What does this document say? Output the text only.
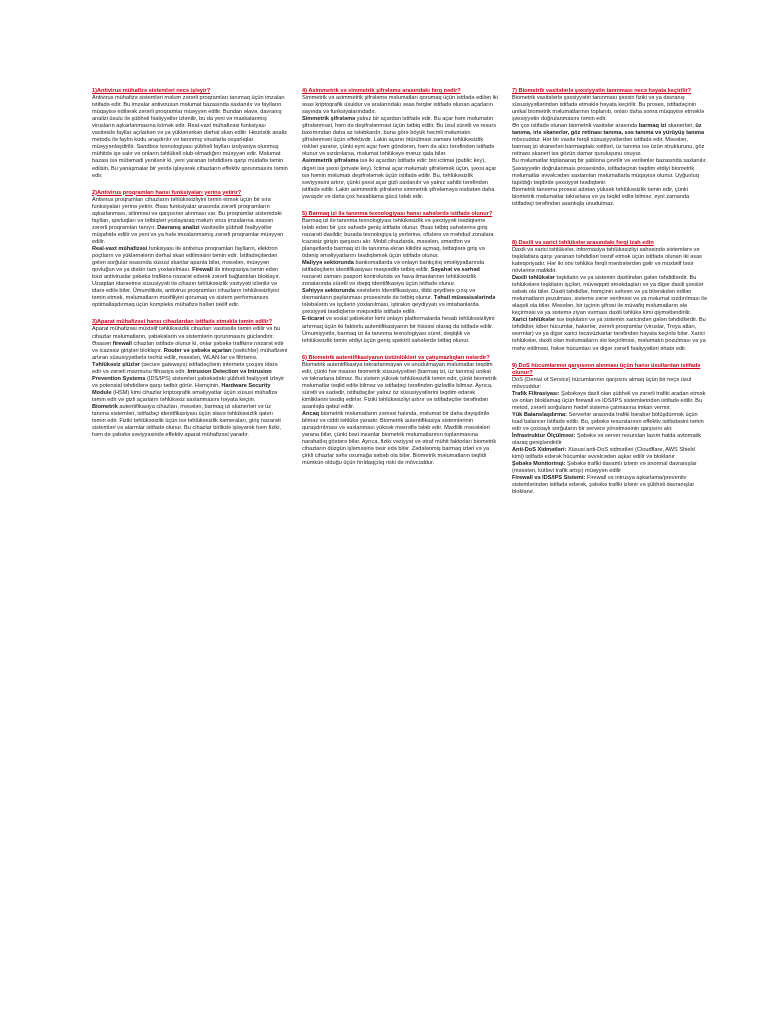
1)Antivirus mühafizə sistemləri necə işləyir?
Antivirus mühafizə sistemləri məlum zərərli proqramları tanımaq üçün imzaları istifadə edir. Bu imzalar antivirusun məlumat bazasında saxlanılır və faylların müqayisə edilərək zərərli proqramlar müəyyən edilir. Bundan əlavə, davranış analizi üsulu ilə şübhəli fəaliyyətlər izlənilir, bu da yeni və maskalanmış virusların aşkarlanmasına kömək edir. Real-vaxt mühafizəsi funksiyası vasitəsilə fayllar açılarkən və ya yüklənərkən dərhal skan edilir. Heuristik analiz metodu ilə faylın kodu araşdırılır və tanınmış viruslarla oxşarlıqlar müəyyənləşdirilir. Sandbox texnologiyası şübhəli faylları izolyasiya olunmuş mühitdə işə salır və onların təhlükəli olub-olmadığını müəyyən edir. Məlumat bazası isə mütəmadi yenilənir ki, yeni yaranan təhdidlərə qarşı müdafiə təmin edilsin. Bu yanaşmalar bir yerdə işləyərək cihazların effektiv qorunmasını təmin edir.
2)Antivirus proqramları hansı funksiyaları yerinə yetirir?
Antivirus proqramları cihazların təhlükəsizliyini təmin etmək üçün bir sıra funksiyaları yerinə yetirir. Əsas funksiyalar arasında zərərli proqramların aşkarlanması, silinməsi və qarşısının alınması var. Bu proqramlar sistemdəki faylları, qovluqları və tətbiqləri yoxlayaraq məlum virus imzalarına əsasən zərərli proqramları tanıyır. Davranış analizi vasitəsilə şübhəli fəaliyyətlər müşahidə edilir və yeni və ya hələ imzalanmamış zərərli proqramlar müəyyən edilir.
Real-vaxt mühafizəsi funksiyası ilə antivirus proqramları faylların, elektron poçtların və yükləmələrin dərhal skan edilməsini təmin edir. İstifadəçilərdən gələn sorğular əsasında xüsusi skanlar aparıla bilər, məsələn, müəyyən qovluğun və ya diskin tam yoxlanılması. Firewall ilə inteqrasiya təmin edən bəzi antiviruslar şəbəkə trafikinə nəzarət edərək zərərli bağlantıları bloklayır. Uzaqdan idarəetmə xüsusiyyəti ilə cihazın təhlükəsizlik vəziyyəti izlənilə və idarə edilə bilər. Ümumilikdə, antivirus proqramları cihazların təhlükəsizliyini təmin etmək, məlumatların məxfiliyini qorumaq və sistem performansını optimallaşdırmaq üçün kompleks mühafizə həlləri təklif edir.
3)Aparat mühafizəsi hansı cihazlardan istifadə etməklə təmin edilir?
Aparat mühafizəsi müxtəlif təhlükəsizlik cihazları vasitəsilə təmin edilir və bu cihazlar məlumatların, şəbəkələrin və sistemlərin qorunmasını gücləndirir. Əsasən firewall cihazları istifadə olunur ki, onlar şəbəkə trafikinə nəzarət edir və icazəsiz girişləri bloklayır. Router və şəbəkə açarları (switchlər) mühafizəni artıran xüsusiyyətlərlə təchiz edilir, məsələn, WLAN-lar və filtrləmə.
Təhlükəsiz şlüzlər (secure gateways) istifadəçilərin internetə çıxışını idarə edir və zərərli məzmunu filtrasiya edir. Intrusion Detection və Intrusion Prevention Systems (IDS/IPS) sistemləri şəbəkədəki şübhəli fəaliyyəti izləyir və potensial təhdidlərə qarşı tədbir görür. Həmçinin, Hardware Security Module (HSM) kimi cihazlar kriptoqrafik əməliyyatlar üçün xüsusi mühafizə təmin edir və gizli açarların təhlükəsiz saxlanmasını həyata keçirir.
Biometrik autentifikasiya cihazları, məsələn, barmaq izi skanerləri və üz tanıma sistemləri, istifadəçi identifikasiyası üçün əlavə təhlükəsizlik qatını təmin edir. Fiziki təhlükəsizlik üçün isə təhlükəsizlik kameraları, giriş nəzarəti sistemləri və alarmlar istifadə olunur. Bu cihazlar birlikdə işləyərək həm fiziki, həm də şəbəkə səviyyəsində effektiv aparat mühafizəsi yaradır.
4) Asimmetrik və simmetrik şifrələmə arasındakı fərq nədir?
Simmetrik və asimmetrik şifrələmə məlumatları qorumaq üçün istifadə edilən iki əsas kriptoqrafik üsuldur və aralarındakı əsas fərqlər istifadə olunan açarların sayında və funksiyalarındadır.
Simmetrik şifrələmə yalnız bir açardan istifadə edir. Bu açar həm məlumatın şifrələnməsi, həm də deşifrələnməsi üçün tətbiq edilir. Bu üsul sürətli və resurs baxımından daha az tələbkardır, buna görə böyük həcmli məlumatın şifrələnməsi üçün effektivdir. Lakin açarın ötürülməsi zamanı təhlükəsizlik riskləri yaranır, çünki eyni açar həm göndərən, həm də alıcı tərəfindən istifadə olunur və sızdırılarsa, məlumat təhlükəyə məruz qala bilər.
Asimmetrik şifrələmə isə iki açardan istifadə edir: biri ictimai (public key), digəri isə şəxsi (private key). İctimai açar məlumatı şifrələmək üçün, şəxsi açar isə həmin məlumatı deşifrələmək üçün istifadə edilir. Bu, təhlükəsizlik səviyyəsini artırır, çünki şəxsi açar gizli saxlanılır və yalnız sahibi tərəfindən istifadə edilir. Lakin asimmetrik şifrələmə simmetrik şifrələməyə nisbətən daha yavaşdır və daha çox hesablama gücü tələb edir.
5) Barmaq izi ilə tanınma texnologiyası hansı sahələrdə istifadə olunur?
Barmaq izi ilə tanınma texnologiyası təhlükəsizlik və şəxsiyyəti təsdiqləmə tələb edən bir çox sahədə geniş istifadə olunur. Əsas tətbiq sahələrinə giriş nəzarəti daxildir; burada texnologiya iş yerlərinə, ofislərə və məhdud zonalara icazəsiz girişin qarşısını alır. Mobil cihazlarda, məsələn, smartfon və planşetlərdə barmaq izi ilə tanınma ekran kilidini açmaq, tətbiqlərə giriş və ödəniş əməliyyatlarını təsdiqləmək üçün istifadə olunur.
Maliyyə sektorunda bankomatlarda və onlayn bankçılıq əməliyyatlarında istifadəçilərin identifikasiyası məqsədilə tətbiq edilir. Səyahət və sərhəd nəzarəti zamanı pasport kontrolunda və hava limanlarının təhlükəsizlik zonalarında sürətli və dəqiq identifikasiya üçün istifadə olunur.
Səhiyyə sektorunda xəstələrin identifikasiyası, tibbi qeydlərə çıxış və dərmanların paylanması prosesində də tətbiq olunur. Təhsil müəssisələrində tələbələrin və işçilərin yoxlanılması, iştirakın qeydiyyatı və imtahanlarda şəxsiyyəti təsdiqləmə məqsədilə istifadə edilir.
E-ticarət və sosial şəbəkələr kimi onlayn platformalarda hesab təhlükəsizliyini artırmaq üçün iki faktorlu autentifikasiyanın bir hissəsi olaraq da istifadə edilir. Ümumiyyətlə, barmaq izi ilə tanınma texnologiyası sürət, dəqiqlik və təhlükəsizlik təmin etdiyi üçün geniş spektrli sahələrdə tətbiq olunur.
6) Biometrik autentifikasiyanın üstünlükləri və çatışmazlıqları nələrdir?
Biometrik autentifikasiya təkrarlanmayan və unudulmayan məlumatlar təqdim edir, çünki hər insanın biometrik xüsusiyyətləri (barmaq izi, üz tanıma) unikal və təkrarlana bilməz. Bu sistem yüksək təhlükəsizlik təmin edir, çünki biometrik məlumatlar təqlid edilə bilməz və istifadəçi tərəfindən gizlədilə bilməz. Ayrıca, sürətli və sadədir, istifadəçilər yalnız öz xüsusiyyətlərini təqdim edərək kimliklərini təsdiq edirlər. Fiziki təhlükəsizliyi artırır və istifadəçilər tərəfindən asanlıqla qəbul edilir.
Ancaq biometrik məlumatların zəməsi halında, məlumat bir daha dəyişdirilə bilməz və ciddi təhlükə yaradır. Biometrik autentifikasiya sistemlərinin quraşdırılması və saxlanması yüksək məsrəflə tələb edir. Maxfilik məsələləri yarana bilər, çünki bəzi insanlar biometrik məlumatlarının toplanmasına narahatlıq göstərə bilər. Ayrıca, fiziki vəziyyət və ətraf mühit faktorları biometrik cihazların düzgün işləməsinə təsir edə bilər. Zədələnmiş barmaq izləri və ya çirkli cihazlar səhv oxumağa səbəb ola bilər. Biometrik məlumatların təqlidi mümkün olduğu üçün fırıldaqçılıq riski də mövcuddur.
7) Biometrik vasitələrlə şəxsiyyətin tanınması necə həyata keçirilir?
Biometrik vasitələrlə şəxsiyyətin tanınması şəxsin fiziki və ya davranış xüsusiyyətlərindən istifadə etməklə həyata keçirilir. Bu proses, istifadəçinin unikal biometrik məlumatlarının toplanıb, onları daha sonra müqayisə etməklə şəxsiyyətin doğrulanmasını təmin edir.
Ən çox istifadə olunan biometrik vasitələr arasında barmaq izi skanerləri, üz tanıma, iris skanerlər, göz retinası tanıma, səs tanıma və yürüyüş tanıma mövcuddur. Hər bir vasitə fərqli xüsusiyyətlərdən istifadə edir. Məsələn, barmaq izi skanerləri barmaqdakı xəttləri, üz tanıma isə üzün strukturunu, göz retinası skaneri isə gözün damar quruluşunu oxuyur.
Bu məlumatlar toplanaraq bir şablona çevrilir və verilənlər bazasında saxlanılır. Şəxsiyyətin doğrulanması prosesində, istifadəçinin təqdim etdiyi biometrik məlumatlar əvvəlcədən saxlanılan məlumatlarla müqayisə olunur. Uyğunluq tapıldığı təqdirdə şəxsiyyət təsdiqlənir.
Biometrik tanınma prosesi adətən yüksək təhlükəsizlik təmin edir, çünki biometrik məlumatlar təkrarlana və ya təqlid edilə bilməz, eyni zamanda istifadəçi tərəfindən asanlıqla unudulmaz.
8) Daxili və xarici təhlükələr arasındakı fərqi izah edin
Daxili və xarici təhlükələr, informasiya təhlükəsizliyi sahəsində sistemlərə və təşkilatlara qarşı yaranan təhdidləri təsnif etmək üçün istifadə olunan iki əsas kateqoriyadır. Hər iki növ təhlükə fərqli mənbələrdən gəlir və müxtəlif təsir növlərinə malikdir.
Daxili təhlükələr təşkilatın və ya sistemin daxilindən gələn təhdidlərdir. Bu təhlükələrə təşkilatın işçiləri, müvəqqəti əməkdaşları və ya digər daxili şəxslər səbəb ola bilər. Daxili təhdidlər, həmçinin səhvən və ya bilərəkdən edilən məlumatların pozulması, sistemə zərər verilməsi və ya məlumat sızdırılması ilə əlaqəli ola bilər. Məsələn, bir işçinin şifrəsi ilə müvafiq məlumatların ələ keçirməsi və ya sistemə ziyan vurması daxili təhlükə kimi qiymətləndirilir.
Xarici təhlükələr isə təşkilatın və ya sistemin xaricindən gələn təhdidlərdir. Bu təhdidlər, kiber hücumlar, hakerlər, zərərli proqramlar (viruslar, Troya atları, wormlar) və ya digər xarici təcavüzkarlar tərəfindən həyata keçirilə bilər. Xarici təhlükələr, daxili olan məlumatların ələ keçirilməsi, məlumatın pozulması və ya məhv edilməsi, həkər hücumları və digər zərərli fəaliyyətləri əhatə edir.
9) DoS hücumlarının qarşısının alınması üçün hansı üsullardan istifadə olunur?
DoS (Denial of Service) hücumlarının qarşısını almaq üçün bir neçə üsul mövcuddur:
Trafik Filtrasiyası: Şəbəkəyə daxil olan şübhəli və zərərli trafiki aradan etmək və onları bloklamaq üçün firewall və IDS/IPS sistemlərindən istifadə edilir. Bu metod, zərərli sorğuların hədəf sistemə çatmasına imkan vermir.
Yük Balanslaşdırma: Serverlər arasında trafiki bərabər bölüşdürmək üçün load balancer istifadə edilir. Bu, şəbəkə resurslarının effektiv istifadəsini təmin edir və çoxsaylı sorğuların bir serverə yönəlməsinin qarşısını alır.
İnfrastruktur Ölçülməsi: Şəbəkə və server resursları lazım halda avtomatik olaraq genişləndirilir
Anti-DoS Xidmətləri: Xüsusi anti-DoS xidmətləri (Cloudflare, AWS Shield kimi) istifadə edərək hücumlar əvvəlcədən aşkar edilir və bloklanır
Şəbəkə Monitorinqi: Şəbəkə trafiki davamlı izlənir və anormal davranışlar (məsələn, kütləvi trafik artışı) müəyyən edilir
Firewall və IDS/IPS Sistemi: Firewall və intrusya aşkarlama/preventiv sistemlərindən istifadə edərək, şəbəkə trafiki izlənir və şübhəli davranışlar bloklanır.
